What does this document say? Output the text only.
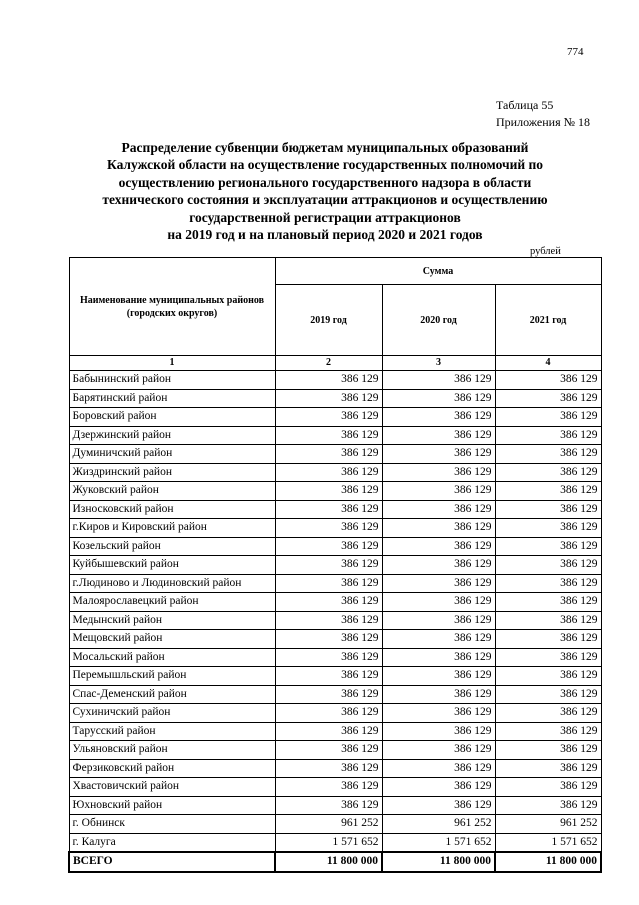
774
Таблица 55
Приложения № 18
Распределение субвенции бюджетам муниципальных образований
Калужской области на осуществление государственных полномочий по
осуществлению регионального государственного надзора в области
технического состояния и эксплуатации аттракционов и осуществлению
государственной регистрации аттракционов
на 2019 год и на плановый период 2020 и 2021 годов
рублей
Наименование муниципальных районов (городских округов)	Сумма		
	2019 год	2020 год	2021 год
1	2	3	4
Бабынинский район	386 129	386 129	386 129
Барятинский район	386 129	386 129	386 129
Боровский район	386 129	386 129	386 129
Дзержинский район	386 129	386 129	386 129
Думиничский район	386 129	386 129	386 129
Жиздринский район	386 129	386 129	386 129
Жуковский район	386 129	386 129	386 129
Износковский район	386 129	386 129	386 129
г.Киров и Кировский район	386 129	386 129	386 129
Козельский район	386 129	386 129	386 129
Куйбышевский район	386 129	386 129	386 129
г.Людиново и Людиновский район	386 129	386 129	386 129
Малоярославецкий район	386 129	386 129	386 129
Медынский район	386 129	386 129	386 129
Мещовский район	386 129	386 129	386 129
Мосальский район	386 129	386 129	386 129
Перемышльский район	386 129	386 129	386 129
Спас-Деменский район	386 129	386 129	386 129
Сухиничский район	386 129	386 129	386 129
Тарусский район	386 129	386 129	386 129
Ульяновский район	386 129	386 129	386 129
Ферзиковский район	386 129	386 129	386 129
Хвастовичский район	386 129	386 129	386 129
Юхновский район	386 129	386 129	386 129
г. Обнинск	961 252	961 252	961 252
г. Калуга	1 571 652	1 571 652	1 571 652
ВСЕГО	11 800 000	11 800 000	11 800 000
